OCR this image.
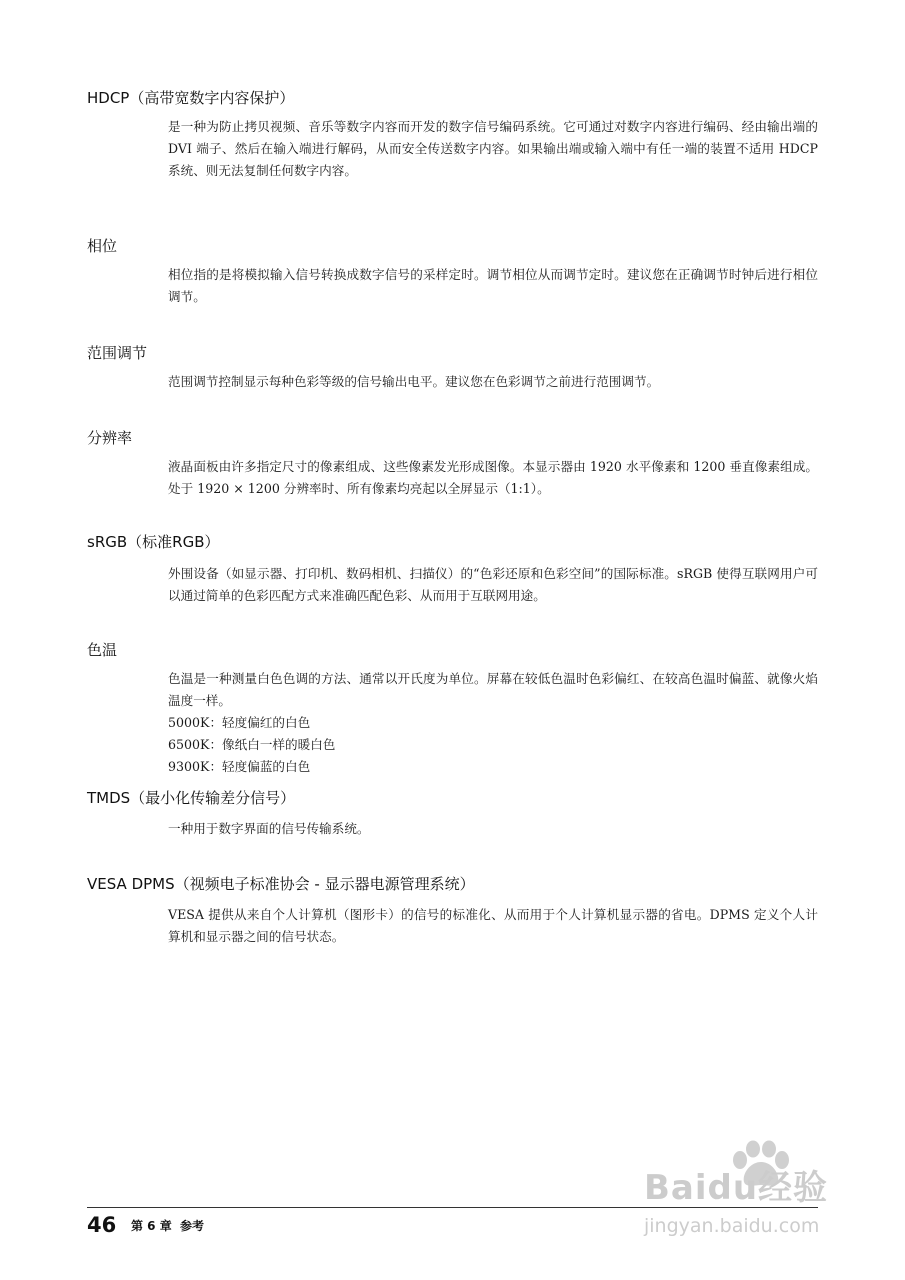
HDCP（高带宽数字内容保护）

是一种为防止拷贝视频、音乐等数字内容而开发的数字信号编码系统。它可通过对数字内容进行编码、经由输出端的 DVI 端子、然后在输入端进行解码，从而安全传送数字内容。如果输出端或输入端中有任一端的装置不适用 HDCP 系统、则无法复制任何数字内容。

相位

相位指的是将模拟输入信号转换成数字信号的采样定时。调节相位从而调节定时。建议您在正确调节时钟后进行相位调节。

范围调节

范围调节控制显示每种色彩等级的信号输出电平。建议您在色彩调节之前进行范围调节。

分辨率

液晶面板由许多指定尺寸的像素组成、这些像素发光形成图像。本显示器由 1920 水平像素和 1200 垂直像素组成。处于 1920 × 1200 分辨率时、所有像素均亮起以全屏显示（1:1）。

sRGB（标准RGB）

外围设备（如显示器、打印机、数码相机、扫描仪）的“色彩还原和色彩空间”的国际标准。sRGB 使得互联网用户可以通过简单的色彩匹配方式来准确匹配色彩、从而用于互联网用途。

色温

色温是一种测量白色色调的方法、通常以开氏度为单位。屏幕在较低色温时色彩偏红、在较高色温时偏蓝、就像火焰温度一样。

5000K：轻度偏红的白色

6500K：像纸白一样的暖白色

9300K：轻度偏蓝的白色

TMDS（最小化传输差分信号）

一种用于数字界面的信号传输系统。

VESA DPMS（视频电子标准协会 - 显示器电源管理系统）

VESA 提供从来自个人计算机（图形卡）的信号的标准化、从而用于个人计算机显示器的省电。DPMS 定义个人计算机和显示器之间的信号状态。

Baidu经验
jingyan.baidu.com
46 第 6 章  参考
